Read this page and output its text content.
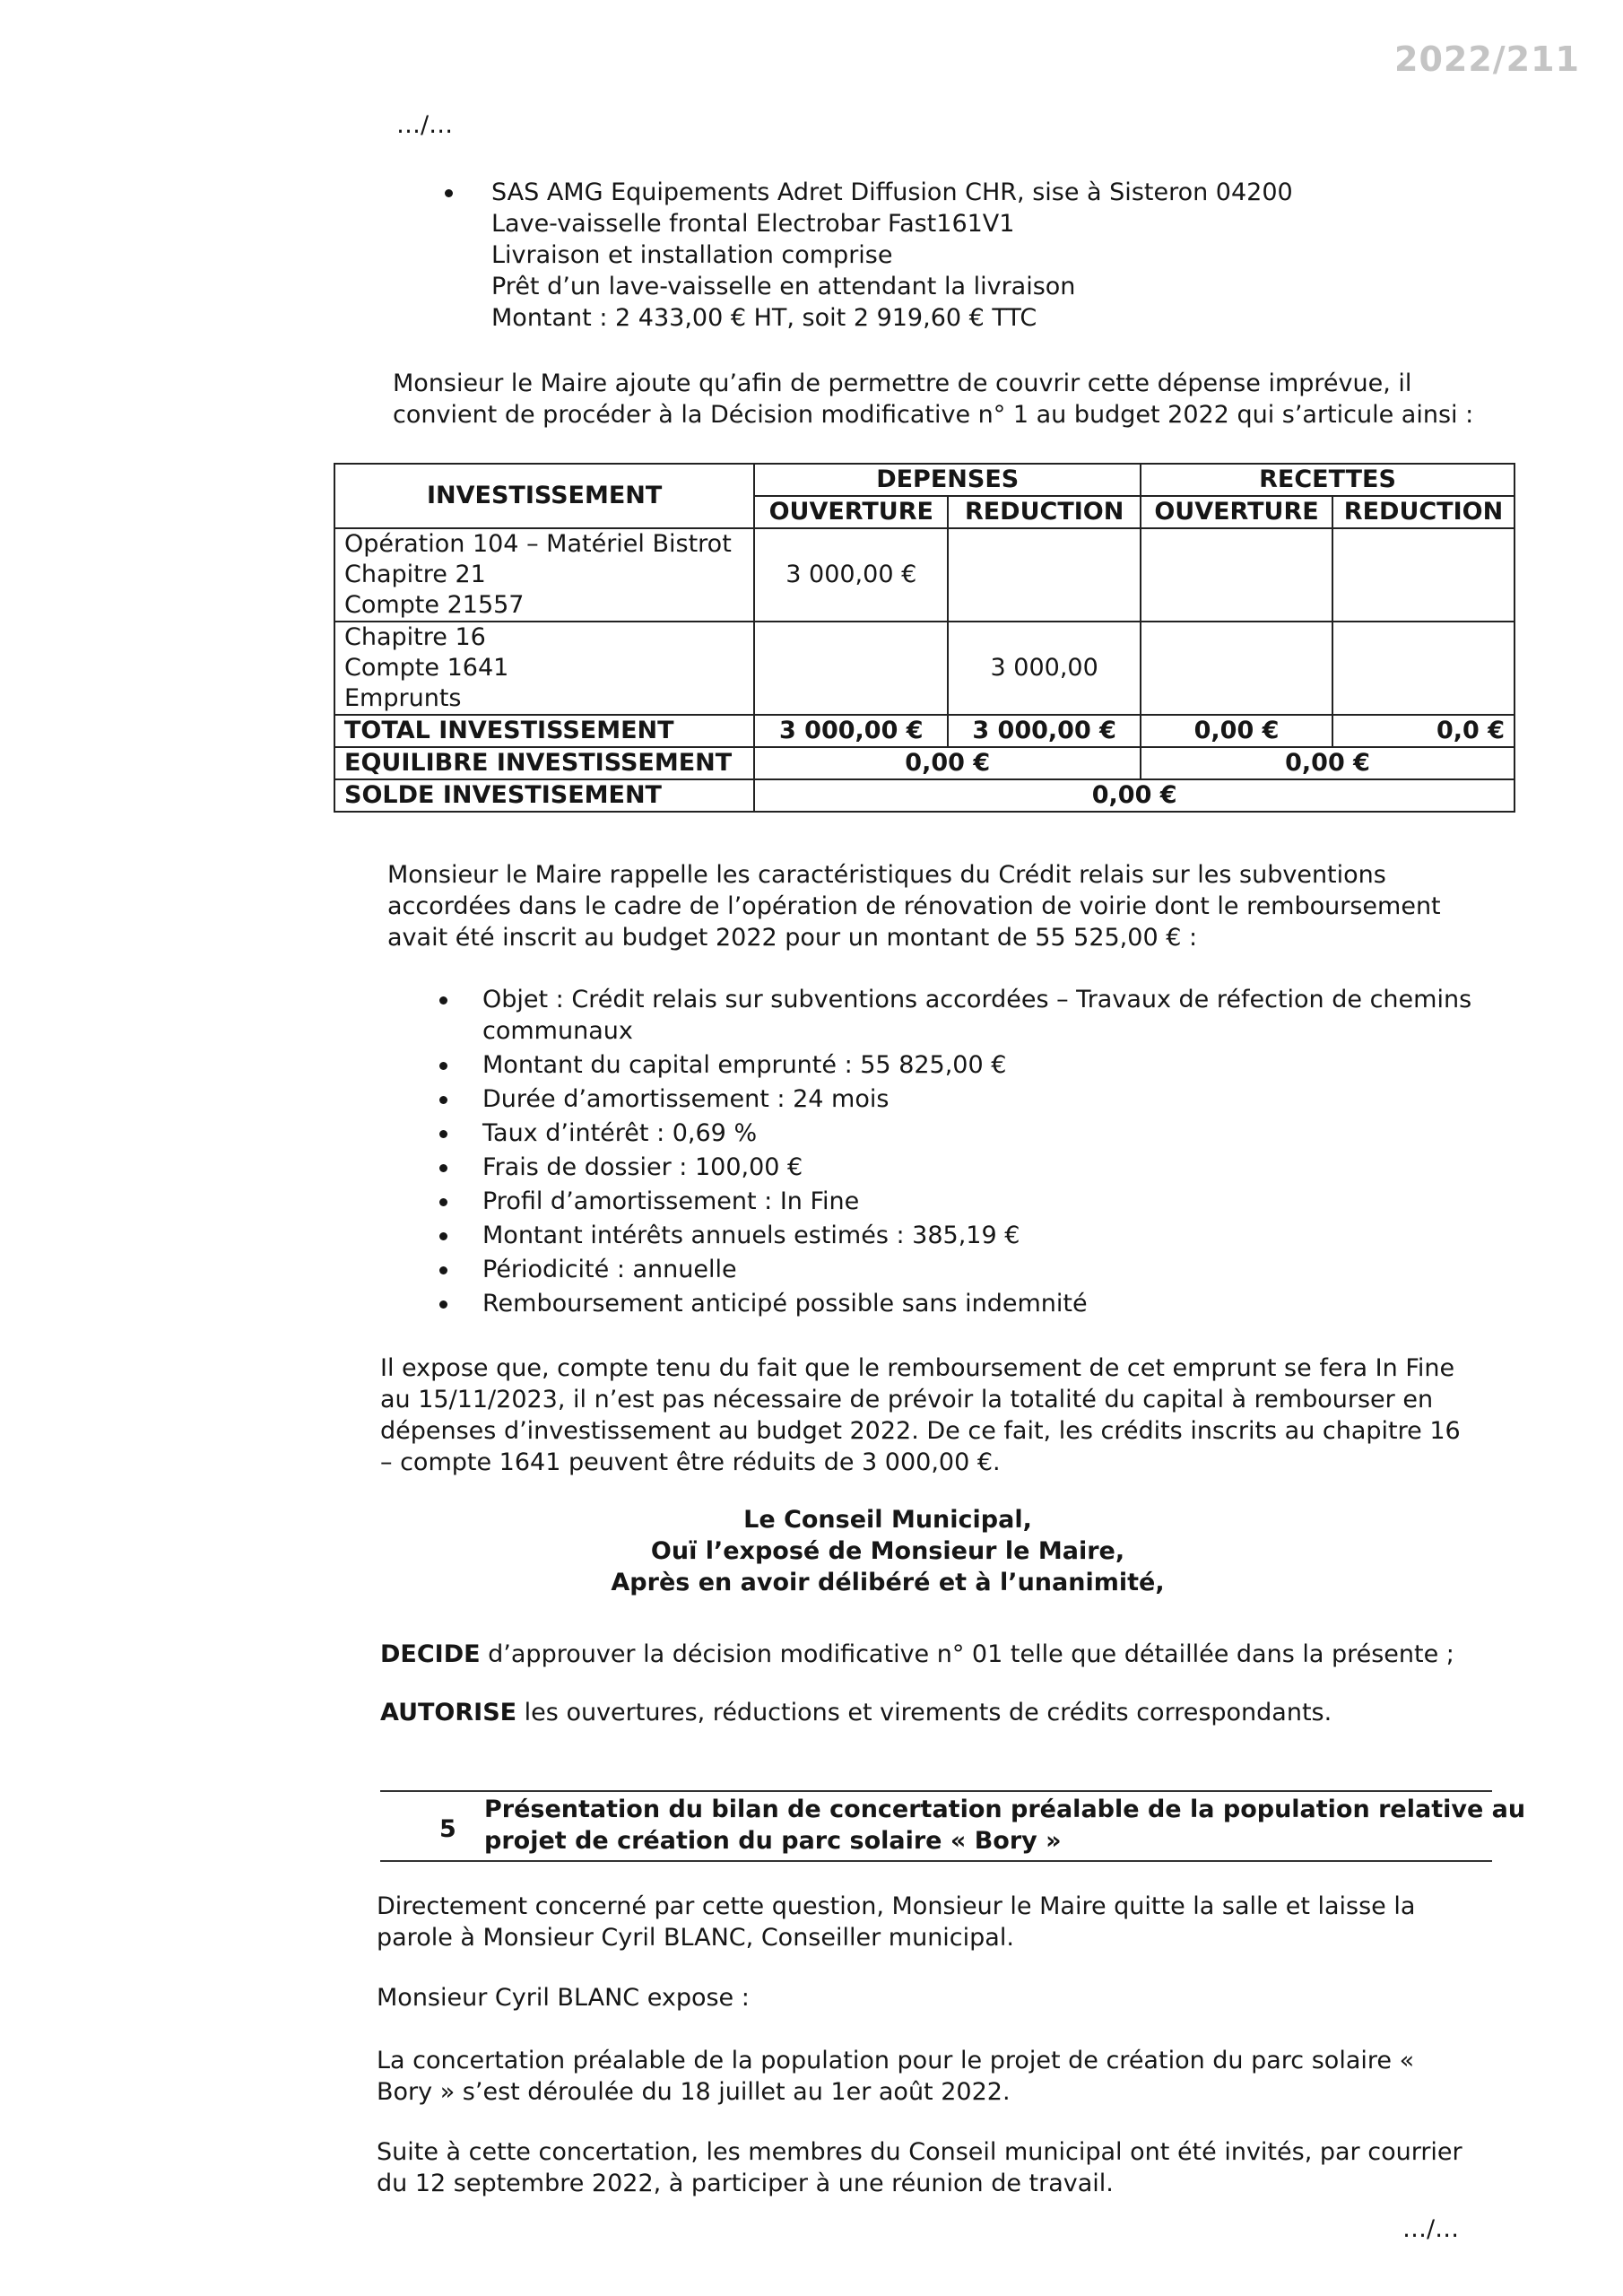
2022/211
…/…
SAS AMG Equipements Adret Diffusion CHR, sise à Sisteron 04200
Lave-vaisselle frontal Electrobar Fast161V1
Livraison et installation comprise
Prêt d’un lave-vaisselle en attendant la livraison
Montant : 2 433,00 € HT, soit 2 919,60 € TTC
Monsieur le Maire ajoute qu’afin de permettre de couvrir cette dépense imprévue, il
convient de procéder à la Décision modificative n° 1 au budget 2022 qui s’articule ainsi :
INVESTISSEMENT	DEPENSES		RECETTES	
	OUVERTURE	REDUCTION	OUVERTURE	REDUCTION

Opération 104 – Matériel Bistrot
Chapitre 21
Compte 21557	3 000,00 €			

Chapitre 16
Compte 1641
Emprunts		3 000,00		
TOTAL INVESTISSEMENT	3 000,00 €	3 000,00 €	0,00 €	0,0 €
EQUILIBRE INVESTISSEMENT	0,00 €		0,00 €	
SOLDE INVESTISEMENT	0,00 €			
Monsieur le Maire rappelle les caractéristiques du Crédit relais sur les subventions
accordées dans le cadre de l’opération de rénovation de voirie dont le remboursement
avait été inscrit au budget 2022 pour un montant de 55 525,00 € :
Objet : Crédit relais sur subventions accordées – Travaux de réfection de chemins
communaux
Montant du capital emprunté : 55 825,00 €
Durée d’amortissement : 24 mois
Taux d’intérêt : 0,69 %
Frais de dossier : 100,00 €
Profil d’amortissement : In Fine
Montant intérêts annuels estimés : 385,19 €
Périodicité : annuelle
Remboursement anticipé possible sans indemnité
Il expose que, compte tenu du fait que le remboursement de cet emprunt se fera In Fine
au 15/11/2023, il n’est pas nécessaire de prévoir la totalité du capital à rembourser en
dépenses d’investissement au budget 2022. De ce fait, les crédits inscrits au chapitre 16
– compte 1641 peuvent être réduits de 3 000,00 €.
Le Conseil Municipal,
Ouï l’exposé de Monsieur le Maire,
Après en avoir délibéré et à l’unanimité,
DECIDE d’approuver la décision modificative n° 01 telle que détaillée dans la présente ;
AUTORISE les ouvertures, réductions et virements de crédits correspondants.
5
Présentation du bilan de concertation préalable de la population relative au
projet de création du parc solaire « Bory »
Directement concerné par cette question, Monsieur le Maire quitte la salle et laisse la
parole à Monsieur Cyril BLANC, Conseiller municipal.
Monsieur Cyril BLANC expose :
La concertation préalable de la population pour le projet de création du parc solaire «
Bory » s’est déroulée du 18 juillet au 1er août 2022.
Suite à cette concertation, les membres du Conseil municipal ont été invités, par courrier
du 12 septembre 2022, à participer à une réunion de travail.
…/…
